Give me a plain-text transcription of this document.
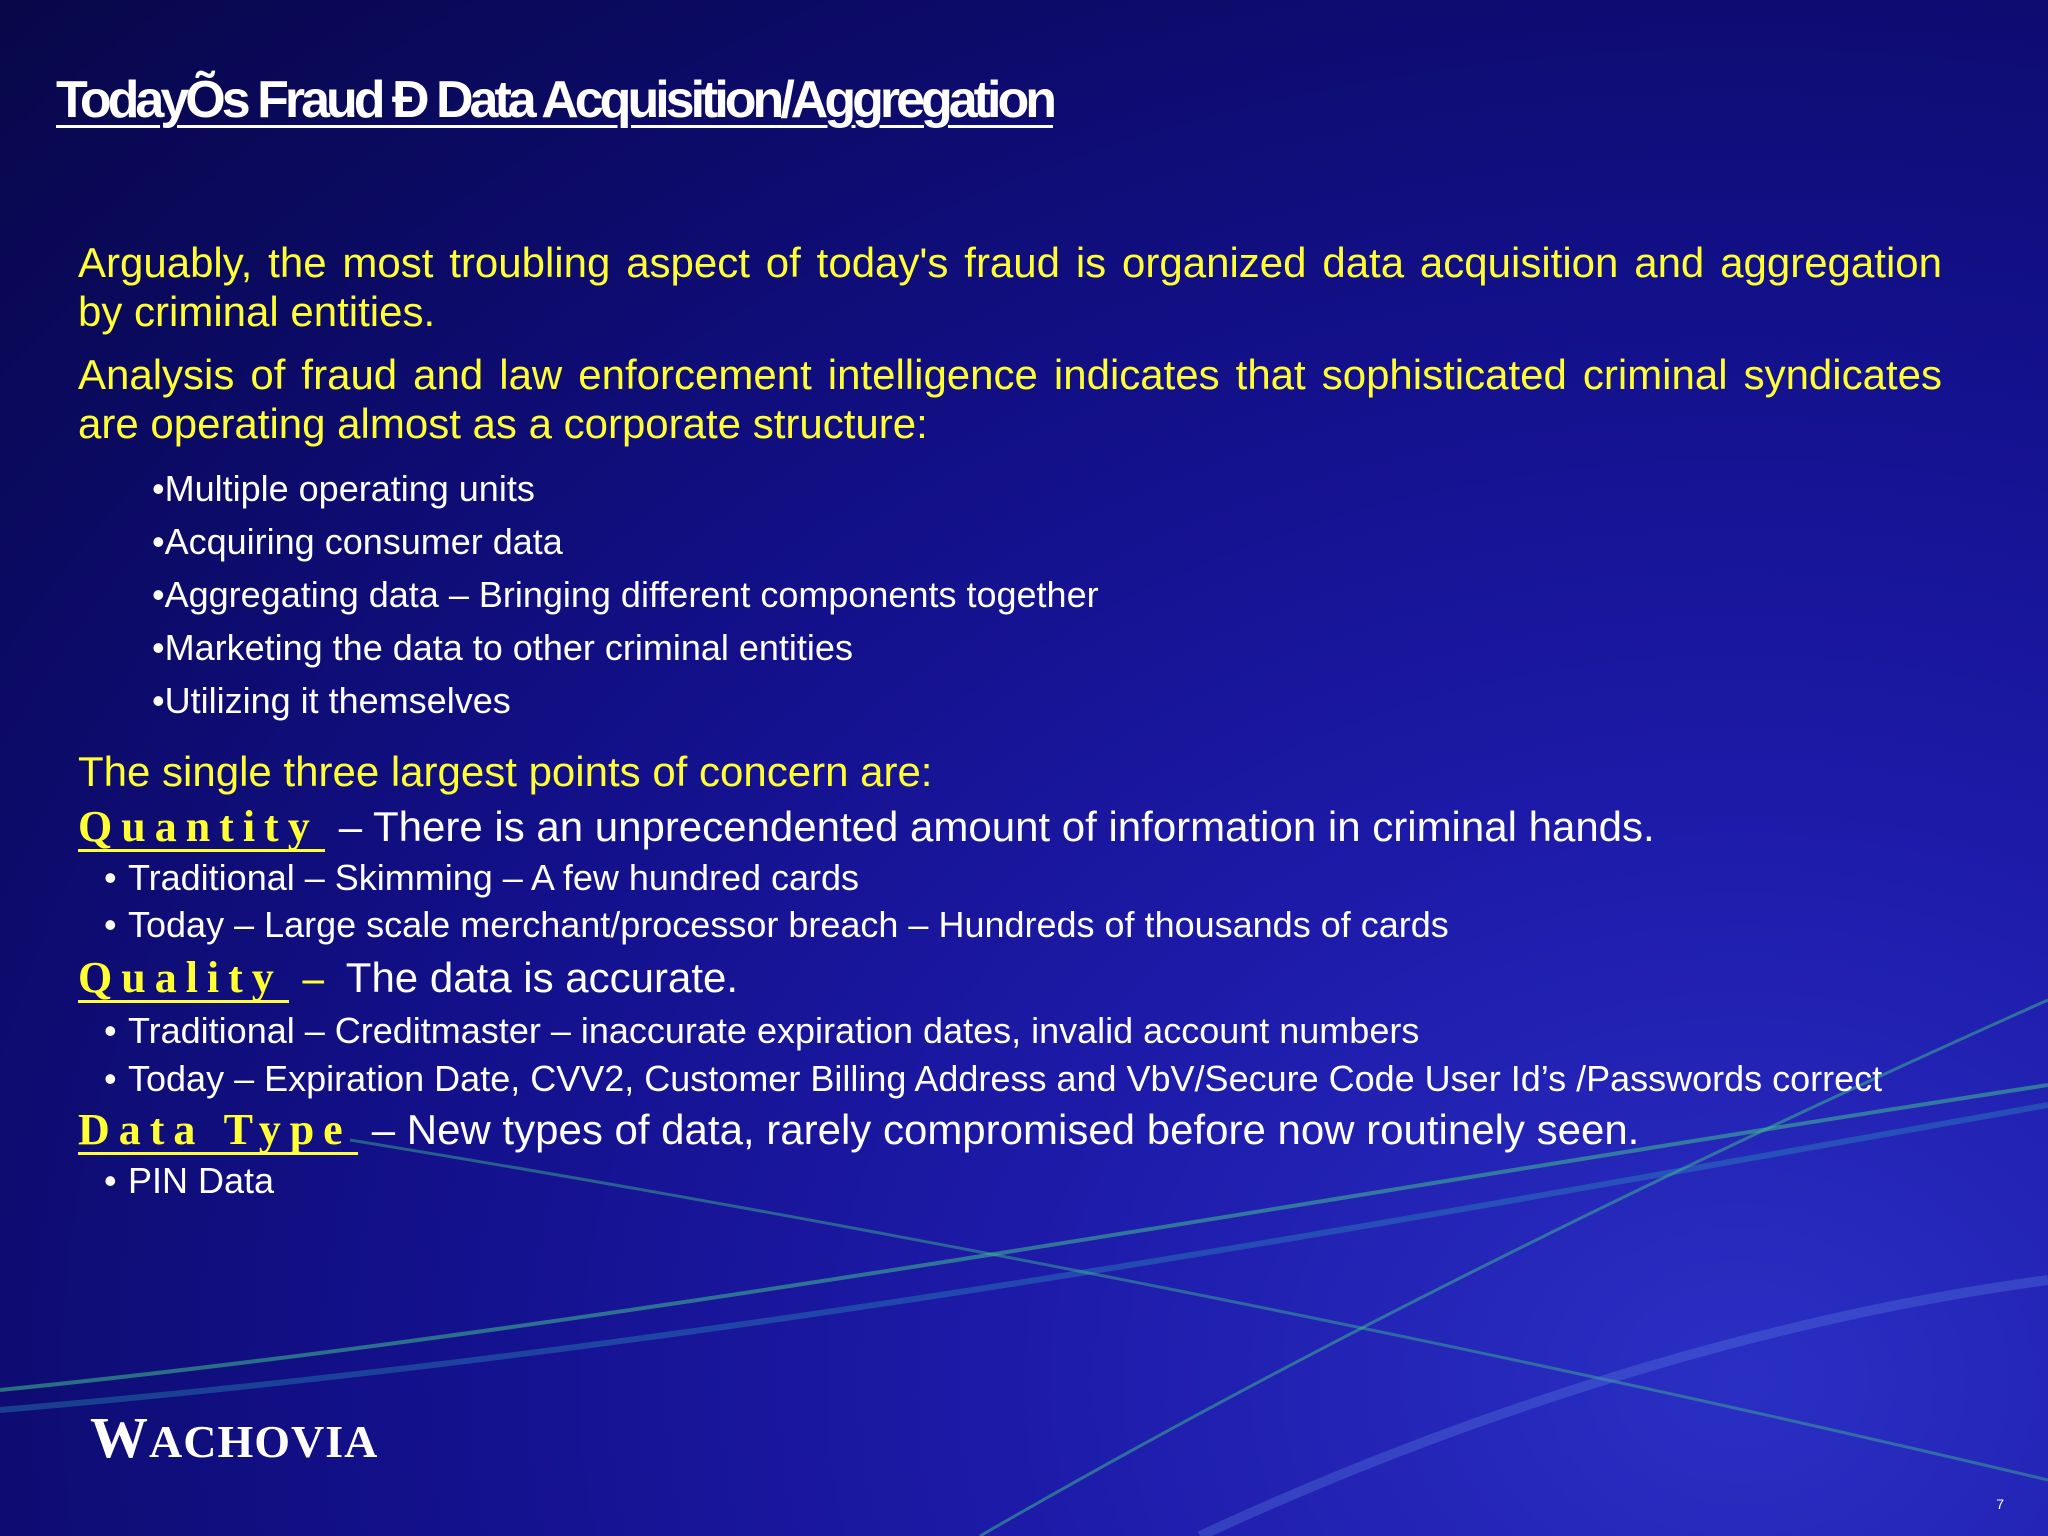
TodayÕs Fraud Ð Data Acquisition/Aggregation

Arguably, the most troubling aspect of today's fraud is organized data acquisition and aggregation by criminal entities.

Analysis of fraud and law enforcement intelligence indicates that sophisticated criminal syndicates are operating almost as a corporate structure:

•Multiple operating units
•Acquiring consumer data
•Aggregating data – Bringing different components together
•Marketing the data to other criminal entities
•Utilizing it themselves

The single three largest points of concern are:

Quantity – There is an unprecendented amount of information in criminal hands.

• Traditional – Skimming – A few hundred cards
• Today – Large scale merchant/processor breach – Hundreds of thousands of cards

Quality – The data is accurate.

• Traditional – Creditmaster – inaccurate expiration dates, invalid account numbers
• Today – Expiration Date, CVV2, Customer Billing Address and VbV/Secure Code User Id’s /Passwords correct

Data Type – New types of data, rarely compromised before now routinely seen.

• PIN Data

WACHOVIA

7
